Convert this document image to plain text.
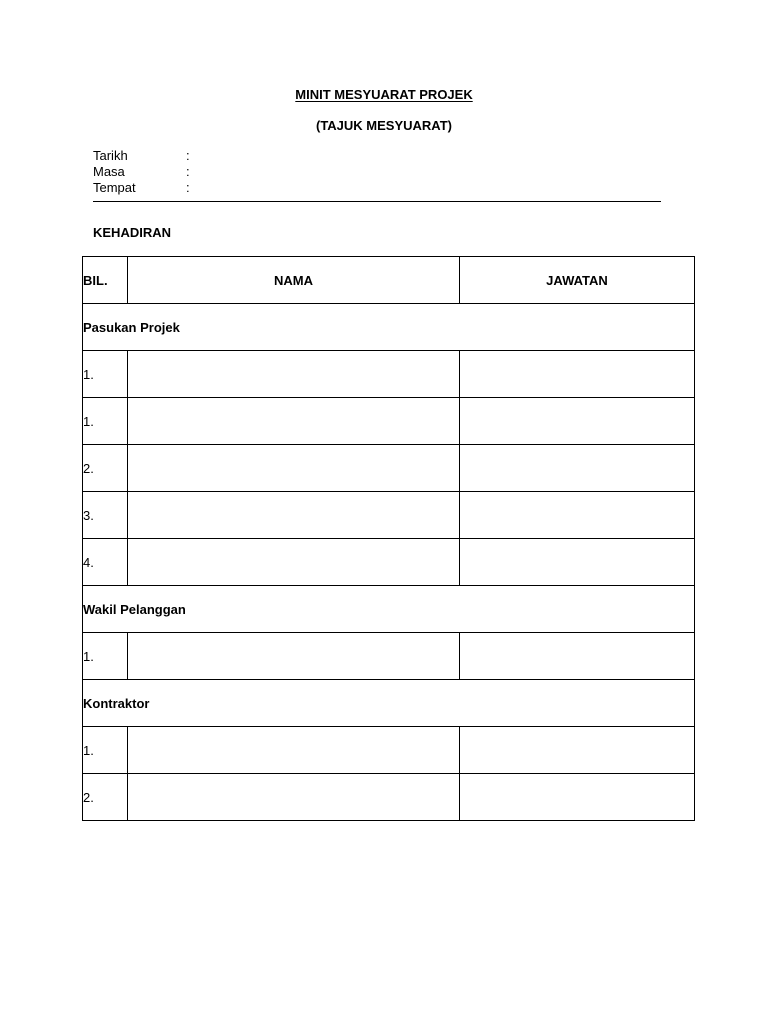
MINIT MESYUARAT PROJEK
(TAJUK MESYUARAT)
Tarikh	:
Masa	:
Tempat	:
KEHADIRAN
BIL.	NAMA	JAWATAN
Pasukan Projek		
1.		
1.		
2.		
3.		
4.		
Wakil Pelanggan		
1.		
Kontraktor		
1.		
2.		
